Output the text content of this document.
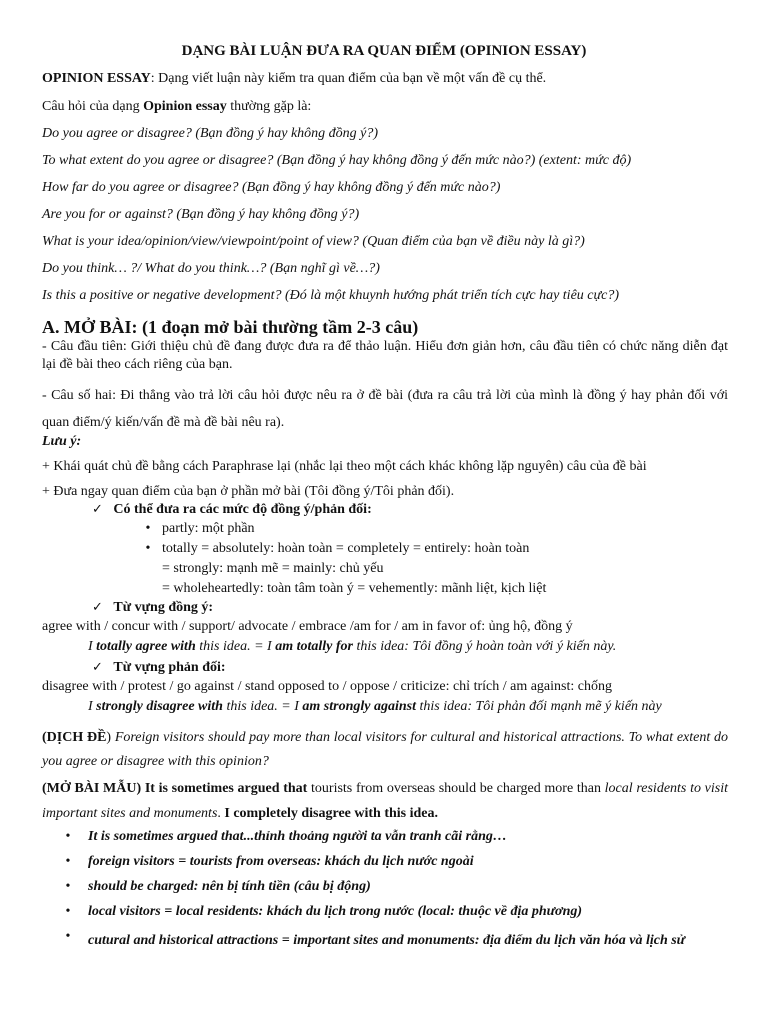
DẠNG BÀI LUẬN ĐƯA RA QUAN ĐIỂM (OPINION ESSAY)
OPINION ESSAY: Dạng viết luận này kiểm tra quan điểm của bạn về một vấn đề cụ thể.
Câu hỏi của dạng Opinion essay thường gặp là:
Do you agree or disagree? (Bạn đồng ý hay không đồng ý?)
To what extent do you agree or disagree? (Bạn đồng ý hay không đồng ý đến mức nào?) (extent: mức độ)
How far do you agree or disagree? (Bạn đồng ý hay không đồng ý đến mức nào?)
Are you for or against? (Bạn đồng ý hay không đồng ý?)
What is your idea/opinion/view/viewpoint/point of view? (Quan điểm của bạn về điều này là gì?)
Do you think… ?/ What do you think…? (Bạn nghĩ gì về…?)
Is this a positive or negative development? (Đó là một khuynh hướng phát triển tích cực hay tiêu cực?)
A. MỞ BÀI: (1 đoạn mở bài thường tầm 2-3 câu)
- Câu đầu tiên: Giới thiệu chủ đề đang được đưa ra để thảo luận. Hiểu đơn giản hơn, câu đầu tiên có chức năng diễn đạt lại đề bài theo cách riêng của bạn.
- Câu số hai: Đi thẳng vào trả lời câu hỏi được nêu ra ở đề bài (đưa ra câu trả lời của mình là đồng ý hay phản đối với quan điểm/ý kiến/vấn đề mà đề bài nêu ra).
Lưu ý:
+ Khái quát chủ đề bằng cách Paraphrase lại (nhắc lại theo một cách khác không lặp nguyên) câu của đề bài
+ Đưa ngay quan điểm của bạn ở phần mở bài (Tôi đồng ý/Tôi phản đối).
✓ Có thể đưa ra các mức độ đồng ý/phản đối:
• partly: một phần
• totally = absolutely: hoàn toàn = completely = entirely: hoàn toàn
= strongly: mạnh mẽ = mainly: chủ yếu
= wholeheartedly: toàn tâm toàn ý = vehemently: mãnh liệt, kịch liệt
✓ Từ vựng đồng ý:
agree with / concur with / support/ advocate / embrace /am for / am in favor of: ủng hộ, đồng ý
I totally agree with this idea. = I am totally for this idea: Tôi đồng ý hoàn toàn với ý kiến này.
✓ Từ vựng phản đối:
disagree with / protest / go against / stand opposed to / oppose / criticize: chỉ trích / am against: chống
I strongly disagree with this idea. = I am strongly against this idea: Tôi phản đối mạnh mẽ ý kiến này
(DỊCH ĐỀ) Foreign visitors should pay more than local visitors for cultural and historical attractions. To what extent do you agree or disagree with this opinion?
(MỞ BÀI MẪU) It is sometimes argued that tourists from overseas should be charged more than local residents to visit important sites and monuments. I completely disagree with this idea.
• It is sometimes argued that...thỉnh thoảng người ta vẫn tranh cãi rằng…
• foreign visitors = tourists from overseas: khách du lịch nước ngoài
• should be charged: nên bị tính tiền (câu bị động)
• local visitors = local residents: khách du lịch trong nước (local: thuộc về địa phương)
• cutural and historical attractions = important sites and monuments: địa điểm du lịch văn hóa và lịch sử
